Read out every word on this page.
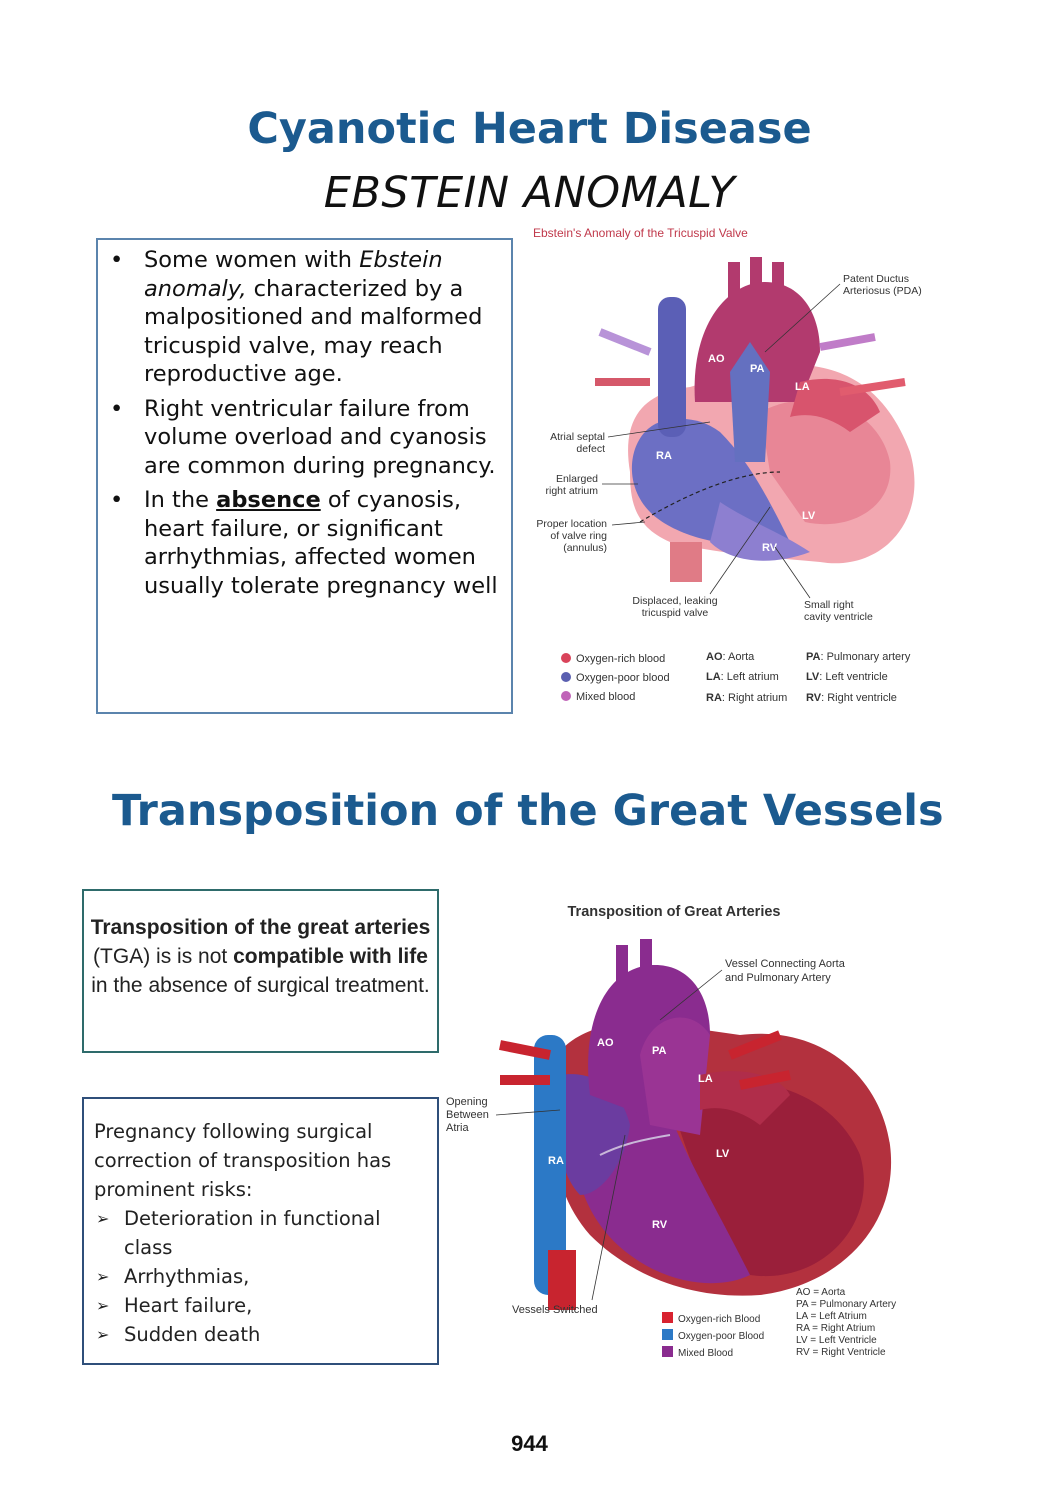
Cyanotic Heart Disease
EBSTEIN ANOMALY
• Some women with Ebstein anomaly, characterized by a malpositioned and malformed tricuspid valve, may reach reproductive age.
• Right ventricular failure from volume overload and cyanosis are common during pregnancy.
• In the absence of cyanosis, heart failure, or significant arrhythmias, affected women usually tolerate pregnancy well
Ebstein's Anomaly of the Tricuspid Valve
AO
PA
LA
RA
LV
RV
Patent Ductus
Arteriosus (PDA)
Atrial septal
defect
Enlarged
right atrium
Proper location
of valve ring
(annulus)
Displaced, leaking
tricuspid valve
Small right
cavity ventricle
Oxygen-rich blood
Oxygen-poor blood
Mixed blood
AO: Aorta	PA: Pulmonary artery
LA: Left atrium LV: Left ventricle
RA: Right atrium RV: Right ventricle
Transposition of the Great Vessels
Transposition of the great arteries (TGA) is is not compatible with life in the absence of surgical treatment.
Pregnancy following surgical correction of transposition has prominent risks:
➢ Deterioration in functional class
➢ Arrhythmias,
➢ Heart failure,
➢ Sudden death
Transposition of Great Arteries
AO
PA
LA
RA
LV
RV
Vessel Connecting Aorta
and Pulmonary Artery
Opening
Between
Atria
Vessels Switched
Oxygen-rich Blood
Oxygen-poor Blood
Mixed Blood
AO = Aorta
PA = Pulmonary Artery
LA = Left Atrium
RA = Right Atrium
LV = Left Ventricle
RV = Right Ventricle
944
